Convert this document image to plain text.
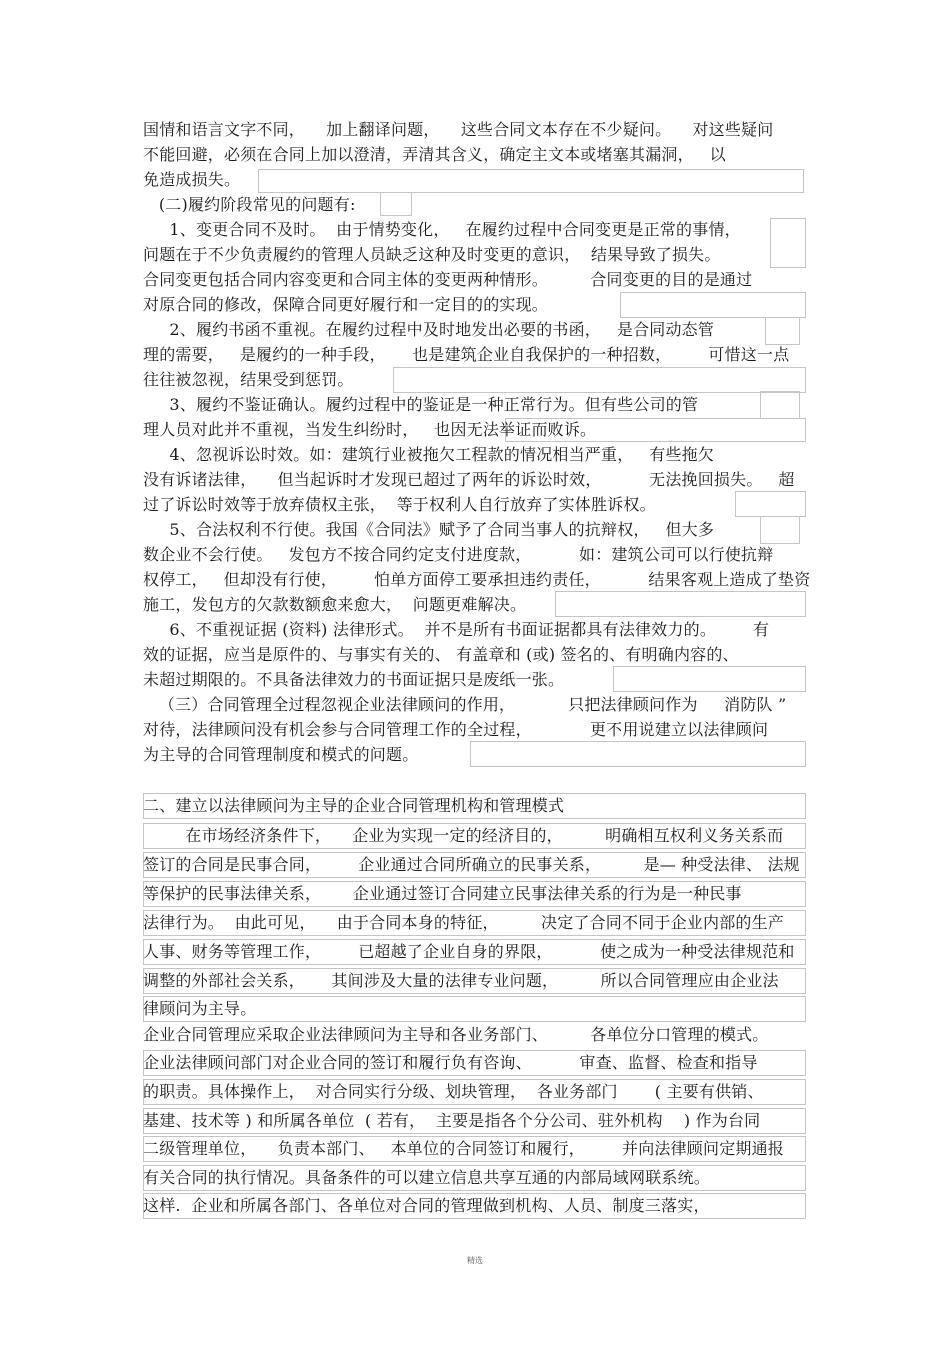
国情和语言文字不同，    加上翻译问题，    这些合同文本存在不少疑问。    对这些疑问
不能回避，必须在合同上加以澄清，弄清其含义，确定主文本或堵塞其漏洞，   以
免造成损失。
(二)履约阶段常见的问题有:
1、变更合同不及时。  由于情势变化，   在履约过程中合同变更是正常的事情，
问题在于不少负责履约的管理人员缺乏这种及时变更的意识，  结果导致了损失。
合同变更包括合同内容变更和合同主体的变更两种情形。        合同变更的目的是通过
对原合同的修改，保障合同更好履行和一定目的的实现。
2、履约书函不重视。在履约过程中及时地发出必要的书函，   是合同动态管
理的需要，   是履约的一种手段，     也是建筑企业自我保护的一种招数，       可惜这一点
往往被忽视，结果受到惩罚。
3、履约不鉴证确认。履约过程中的鉴证是一种正常行为。但有些公司的管
理人员对此并不重视，当发生纠纷时，   也因无法举证而败诉。
4、忽视诉讼时效。如：建筑行业被拖欠工程款的情况相当严重，   有些拖欠
没有诉诸法律，    但当起诉时才发现已超过了两年的诉讼时效，         无法挽回损失。   超
过了诉讼时效等于放弃债权主张，  等于权利人自行放弃了实体胜诉权。
5、合法权利不行使。我国《合同法》赋予了合同当事人的抗辩权，   但大多
数企业不会行使。   发包方不按合同约定支付进度款，         如：建筑公司可以行使抗辩
权停工，   但却没有行使，       怕单方面停工要承担违约责任，         结果客观上造成了垫资
施工，发包方的欠款数额愈来愈大，  问题更难解决。
6、不重视证据 (资料) 法律形式。  并不是所有书面证据都具有法律效力的。       有
效的证据，应当是原件的、与事实有关的、 有盖章和 (或) 签名的、有明确内容的、
未超过期限的。不具备法律效力的书面证据只是废纸一张。
（三）合同管理全过程忽视企业法律顾问的作用，          只把法律顾问作为     消防队 ”
对待，法律顾问没有机会参与合同管理工作的全过程，           更不用说建立以法律顾问
为主导的合同管理制度和模式的问题。
二、建立以法律顾问为主导的企业合同管理机构和管理模式
在市场经济条件下，    企业为实现一定的经济目的，        明确相互权利义务关系而
签订的合同是民事合同，       企业通过合同所确立的民事关系，        是— 种受法律、 法规
等保护的民事法律关系，      企业通过签订合同建立民事法律关系的行为是一种民事
法律行为。  由此可见，    由于合同本身的特征，        决定了合同不同于企业内部的生产
人事、财务等管理工作，       已超越了企业自身的界限，         使之成为一种受法律规范和
调整的外部社会关系，     其间涉及大量的法律专业问题，        所以合同管理应由企业法
律顾问为主导。
企业合同管理应采取企业法律顾问为主导和各业务部门、        各单位分口管理的模式。
企业法律顾问部门对企业合同的签订和履行负有咨询、         审查、监督、检查和指导
的职责。具体操作上，  对合同实行分级、划块管理，  各业务部门       ( 主要有供销、
基建、技术等 ) 和所属各单位  ( 若有，  主要是指各个分公司、驻外机构    ) 作为台同
二级管理单位，    负责本部门、   本单位的合同签订和履行，       并向法律顾问定期通报
有关合同的执行情况。具备条件的可以建立信息共享互通的内部局域网联系统。
这样.  企业和所属各部门、各单位对合同的管理做到机构、人员、制度三落实，
精选
